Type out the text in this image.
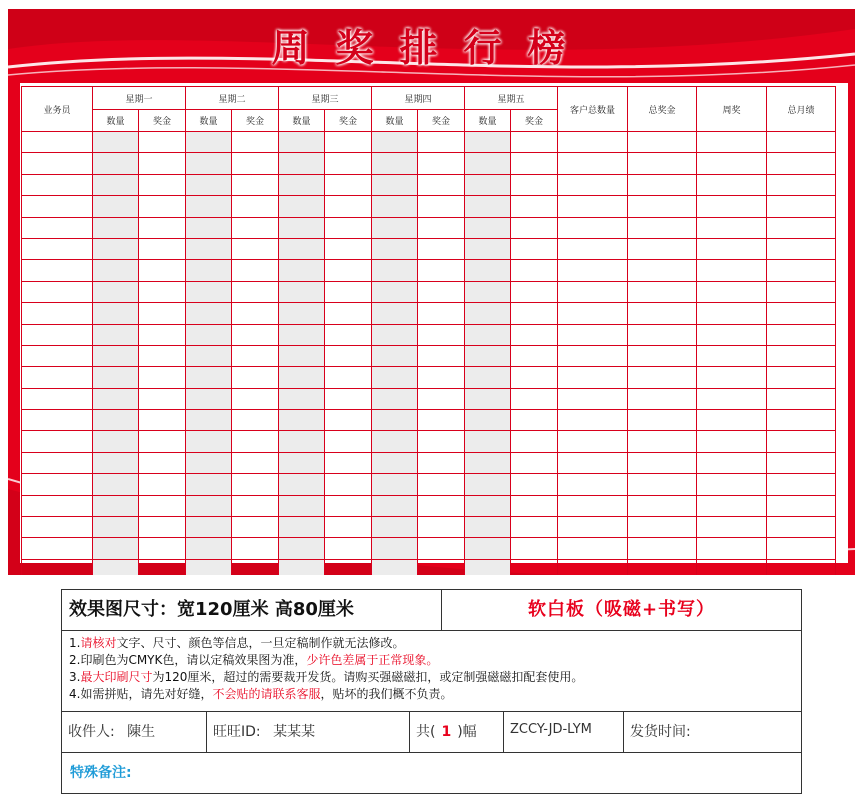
周奖排行榜
业务员	星期一		星期二		星期三		星期四		星期五		客户总数量	总奖金	周奖	总月绩
	数量	奖金	数量	奖金	数量	奖金	数量	奖金	数量	奖金				

效果图尺寸：宽120厘米 高80厘米	软白板（吸磁+书写）
1.请核对文字、尺寸、颜色等信息，一旦定稿制作就无法修改。
2.印刷色为CMYK色，请以定稿效果图为准，少许色差属于正常现象。
3.最大印刷尺寸为120厘米，超过的需要裁开发货。请购买强磁磁扣，或定制强磁磁扣配套使用。
4.如需拼贴，请先对好缝，不会贴的请联系客服，贴坏的我们概不负责。
收件人: 陳生	旺旺ID: 某某某	共( 1 )幅	ZCCY-JD-LYM	发货时间:
特殊备注:
